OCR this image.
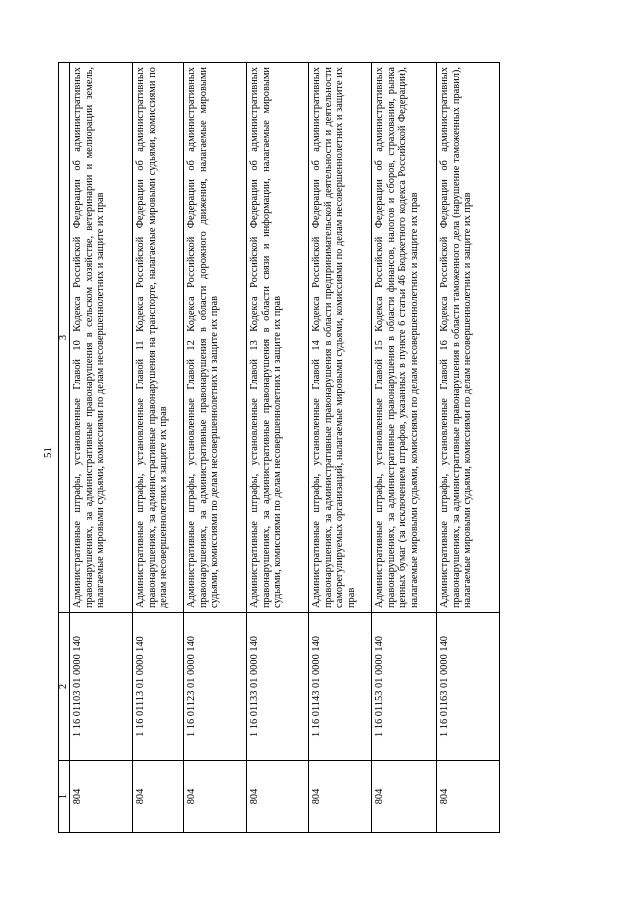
51
1	2	3
804	1 16 01103 01 0000 140	Административные штрафы, установленные Главой 10 Кодекса Российской Федерации об административных правонарушениях, за административные правонарушения в сельском хозяйстве, ветеринарии и мелиорации земель, налагаемые мировыми судьями, комиссиями по делам несовершеннолетних и защите их прав
804	1 16 01113 01 0000 140	Административные штрафы, установленные Главой 11 Кодекса Российской Федерации об административных правонарушениях, за административные правонарушения на транспорте, налагаемые мировыми судьями, комиссиями по делам несовершеннолетних и защите их прав
804	1 16 01123 01 0000 140	Административные штрафы, установленные Главой 12 Кодекса Российской Федерации об административных правонарушениях, за административные правонарушения в области дорожного движения, налагаемые мировыми судьями, комиссиями по делам несовершеннолетних и защите их прав
804	1 16 01133 01 0000 140	Административные штрафы, установленные Главой 13 Кодекса Российской Федерации об административных правонарушениях, за административные правонарушения в области связи и информации, налагаемые мировыми судьями, комиссиями по делам несовершеннолетних и защите их прав
804	1 16 01143 01 0000 140	Административные штрафы, установленные Главой 14 Кодекса Российской Федерации об административных правонарушениях, за административные правонарушения в области предпринимательской деятельности и деятельности саморегулируемых организаций, налагаемые мировыми судьями, комиссиями по делам несовершеннолетних и защите их прав
804	1 16 01153 01 0000 140	Административные штрафы, установленные Главой 15 Кодекса Российской Федерации об административных правонарушениях, за административные правонарушения в области финансов, налогов и сборов, страхования, рынка ценных бумаг (за исключением штрафов, указанных в пункте 6 статьи 46 Бюджетного кодекса Российской Федерации), налагаемые мировыми судьями, комиссиями по делам несовершеннолетних и защите их прав
804	1 16 01163 01 0000 140	Административные штрафы, установленные Главой 16 Кодекса Российской Федерации об административных правонарушениях, за административные правонарушения в области таможенного дела (нарушение таможенных правил), налагаемые мировыми судьями, комиссиями по делам несовершеннолетних и защите их прав
